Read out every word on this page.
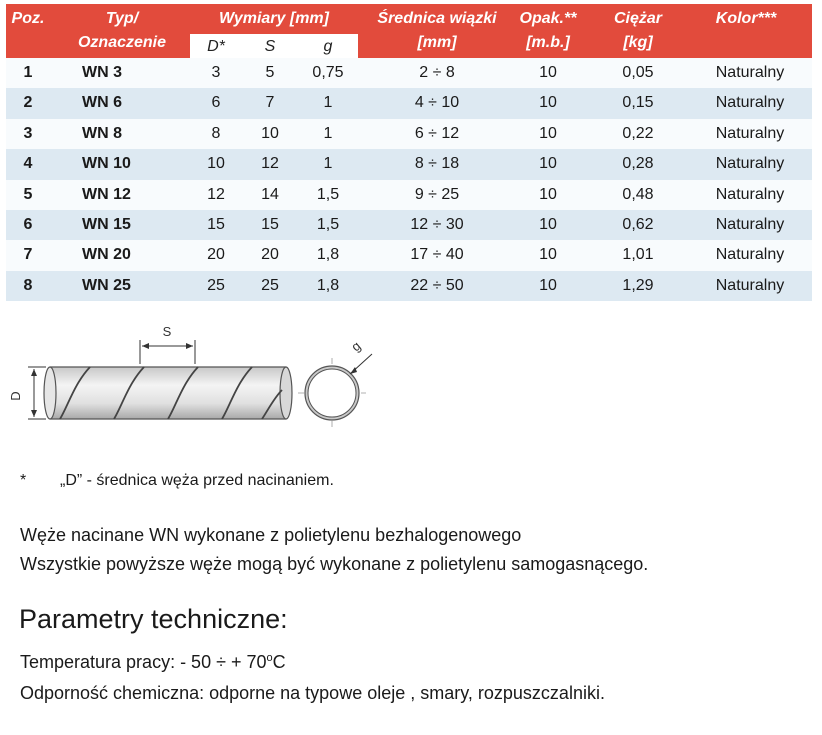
Poz.	Typ/
Oznaczenie
Wymiary [mm]
D*	S	g
Średnica wiązki
[mm]
Opak.**
[m.b.]
Ciężar
[kg]
Kolor***
1	WN 3	3	5	0,75	2 ÷ 8	10	0,05	Naturalny
2	WN 6	6	7	1	4 ÷ 10	10	0,15	Naturalny
3	WN 8	8	10	1	6 ÷ 12	10	0,22	Naturalny
4	WN 10	10	12	1	8 ÷ 18	10	0,28	Naturalny
5	WN 12	12	14	1,5	9 ÷ 25	10	0,48	Naturalny
6	WN 15	15	15	1,5	12 ÷ 30	10	0,62	Naturalny
7	WN 20	20	20	1,8	17 ÷ 40	10	1,01	Naturalny
8	WN 25	25	25	1,8	22 ÷ 50	10	1,29	Naturalny
S
D
g
* „D” - średnica węża przed nacinaniem.
Węże nacinane WN wykonane z polietylenu bezhalogenowego
Wszystkie powyższe węże mogą być wykonane z polietylenu samogasnącego.
Parametry techniczne:
Temperatura pracy: - 50 ÷ + $70^oC$
Odporność chemiczna: odporne na typowe oleje , smary, rozpuszczalniki.
